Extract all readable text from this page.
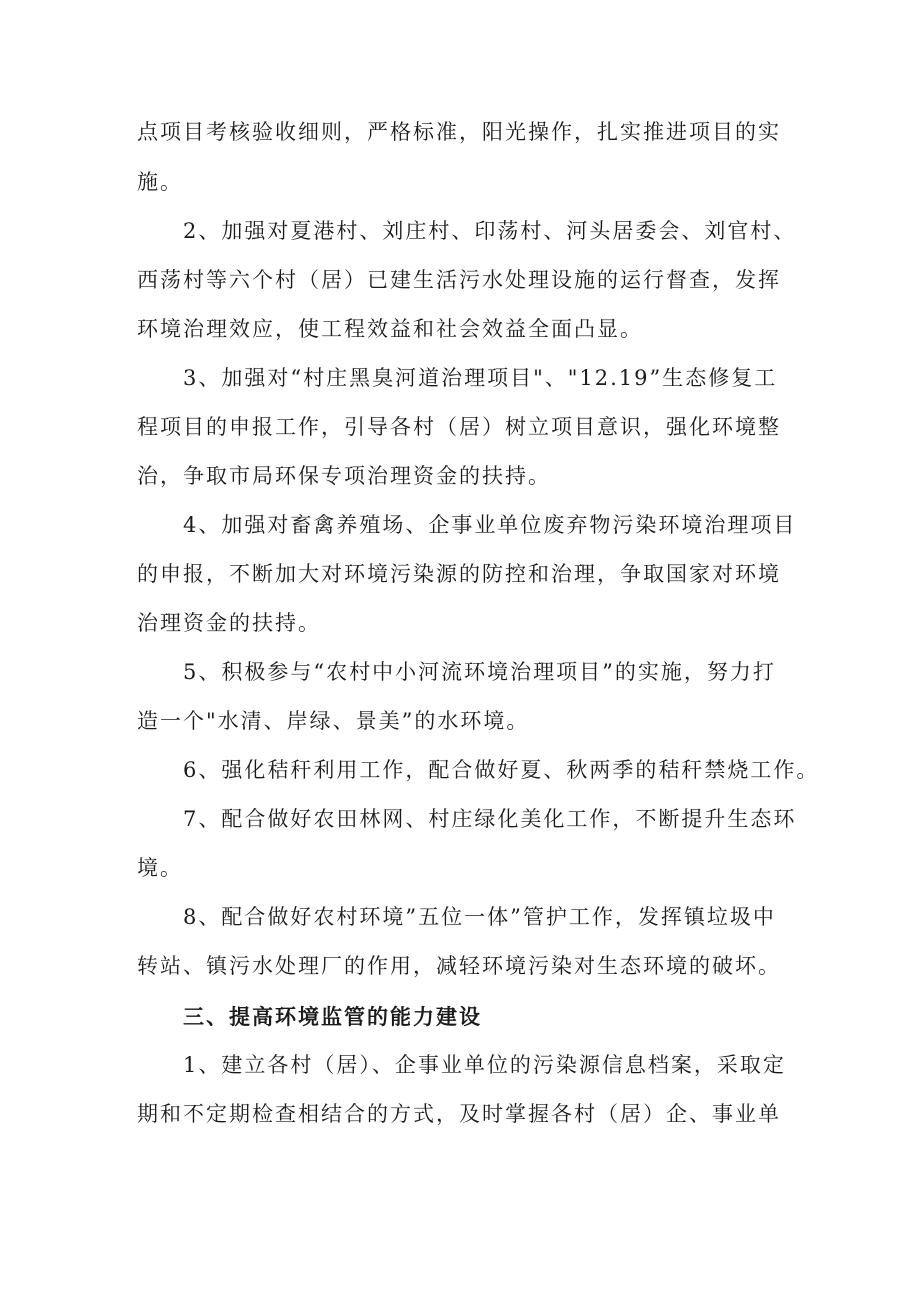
点项目考核验收细则，严格标准，阳光操作，扎实推进项目的实
施。
2、加强对夏港村、刘庄村、印荡村、河头居委会、刘官村、
西荡村等六个村（居）已建生活污水处理设施的运行督查，发挥
环境治理效应，使工程效益和社会效益全面凸显。
3、加强对“村庄黑臭河道治理项目"、"12.19”生态修复工
程项目的申报工作，引导各村（居）树立项目意识，强化环境整
治，争取市局环保专项治理资金的扶持。
4、加强对畜禽养殖场、企事业单位废弃物污染环境治理项目
的申报，不断加大对环境污染源的防控和治理，争取国家对环境
治理资金的扶持。
5、积极参与“农村中小河流环境治理项目”的实施，努力打
造一个"水清、岸绿、景美”的水环境。
6、强化秸秆利用工作，配合做好夏、秋两季的秸秆禁烧工作。
7、配合做好农田林网、村庄绿化美化工作，不断提升生态环
境。
8、配合做好农村环境”五位一体”管护工作，发挥镇垃圾中
转站、镇污水处理厂的作用，减轻环境污染对生态环境的破坏。
三、提高环境监管的能力建设
1、建立各村（居）、企事业单位的污染源信息档案，采取定
期和不定期检查相结合的方式，及时掌握各村（居）企、事业单
